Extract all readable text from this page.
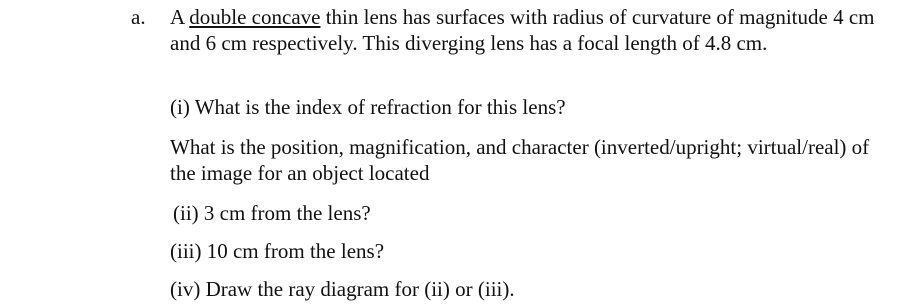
a. A double concave thin lens has surfaces with radius of curvature of magnitude 4 cm and 6 cm respectively. This diverging lens has a focal length of 4.8 cm.
(i) What is the index of refraction for this lens?
What is the position, magnification, and character (inverted/upright; virtual/real) of the image for an object located
(ii) 3 cm from the lens?
(iii) 10 cm from the lens?
(iv) Draw the ray diagram for (ii) or (iii).
